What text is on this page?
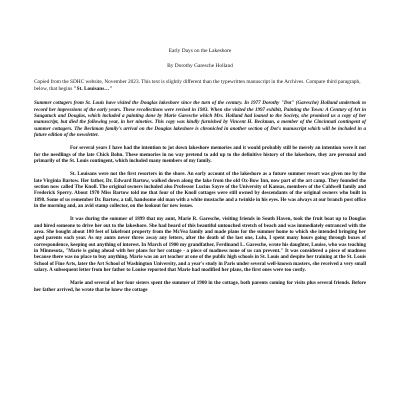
Early Days on the Lakeshore

By Dorothy Garesche Holland

Copied from the SDHC website, November 2023. This text is slightly different than the typewritten manuscript in the Archives. Compare third paragraph, below, that begins "St. Louisans…"

Summer cottagers from St. Louis have visited the Douglas lakeshore since the turn of the century. In 1977 Dorothy "Dot" (Garesche) Holland undertook to record her impressions of the early years. These recollections were revised in 1983. When she visited the 1997 exhibit, Painting the Town: A Century of Art in Saugatuck and Douglas, which included a painting done by Marie Garesche which Mrs. Holland had loaned to the Society, she promised us a copy of her manuscript, but died the following year, in her nineties. This copy was kindly furnished by Vincent H. Beckman, a member of the Cincinnati contingent of summer cottagers. The Beckman family's arrival on the Douglas lakeshore is chronicled in another section of Dot's manuscript which will be included in a future edition of the newsletter.

For several years I have had the intention to jot down lakeshore memories and it would probably still be merely an intention were it not for the needlings of the late Chick Bohn. These memories in no way pretend to add up to the definitive history of the lakeshore, they are personal and primarily of the St. Louis contingent, which included many members of my family.

St. Louisans were not the first resorters in the shore. An early account of the lakeshore as a future summer resort was given me by the late Virginia Bartow. Her father, Dr. Edward Bartow, walked down along the lake from the old Ox-Bow Inn, now part of the art camp. They founded the section now called The Knoll. The original owners included also Professor Lucius Sayre of the University of Kansas, members of the Caldwell family and Frederick Sperry. About 1970 Miss Bartow told me that four of the Knoll cottages were still owned by descendants of the original owners who built in 1898. Some of us remember Dr. Bartow, a tall, handsome old man with a white mustache and a twinkle in his eyes. He was always at our branch post office in the morning and, an avid stamp collector, on the lookout for new issues.

It was during the summer of 1899 that my aunt, Marie R. Garesche, visiting friends in South Haven, took the fruit boat up to Douglas and hired someone to drive her out to the lakeshore. She had heard of this beautiful untouched stretch of beach and was immediately entranced with the area. She bought about 100 feet of lakefront property from the McVea family and made plans for the summer home to which she intended bringing her aged parents each year. As my aunts never threw away any letters, after the death of the last one, Lulu, I spent many hours going through boxes of correspondence, keeping out anything of interest. In March of 1900 my grandfather, Ferdinand L. Garesche, wrote his daughter, Louise, who was teaching in Minnesota, "Marie is going ahead with her plans for her cottage - a piece of madness none of us can prevent." It was considered a piece of madness because there was no place to buy anything. Marie was an art teacher at one of the public high schools in St. Louis and despite her training at the St. Louis School of Fine Arts, later the Art School of Washington University, and a year's study in Paris under several well-known masters, she received a very small salary. A subsequent letter from her father to Louise reported that Marie had modified her plans, the first ones were too costly.

Marie and several of her four sisters spent the summer of 1900 in the cottage, both parents coming for visits plus several friends. Before her father arrived, he wrote that he knew the cottage
